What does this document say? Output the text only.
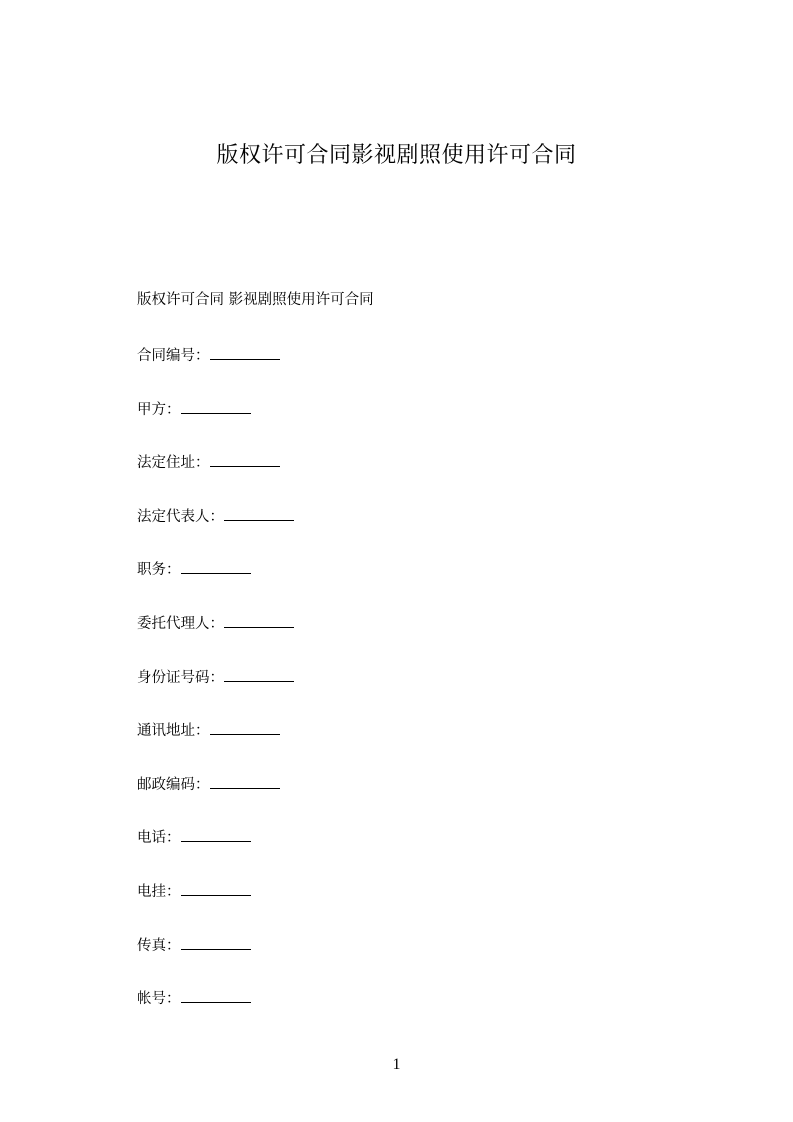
版权许可合同影视剧照使用许可合同
版权许可合同 影视剧照使用许可合同
合同编号：
甲方：
法定住址：
法定代表人：
职务：
委托代理人：
身份证号码：
通讯地址：
邮政编码：
电话：
电挂：
传真：
帐号：
1
